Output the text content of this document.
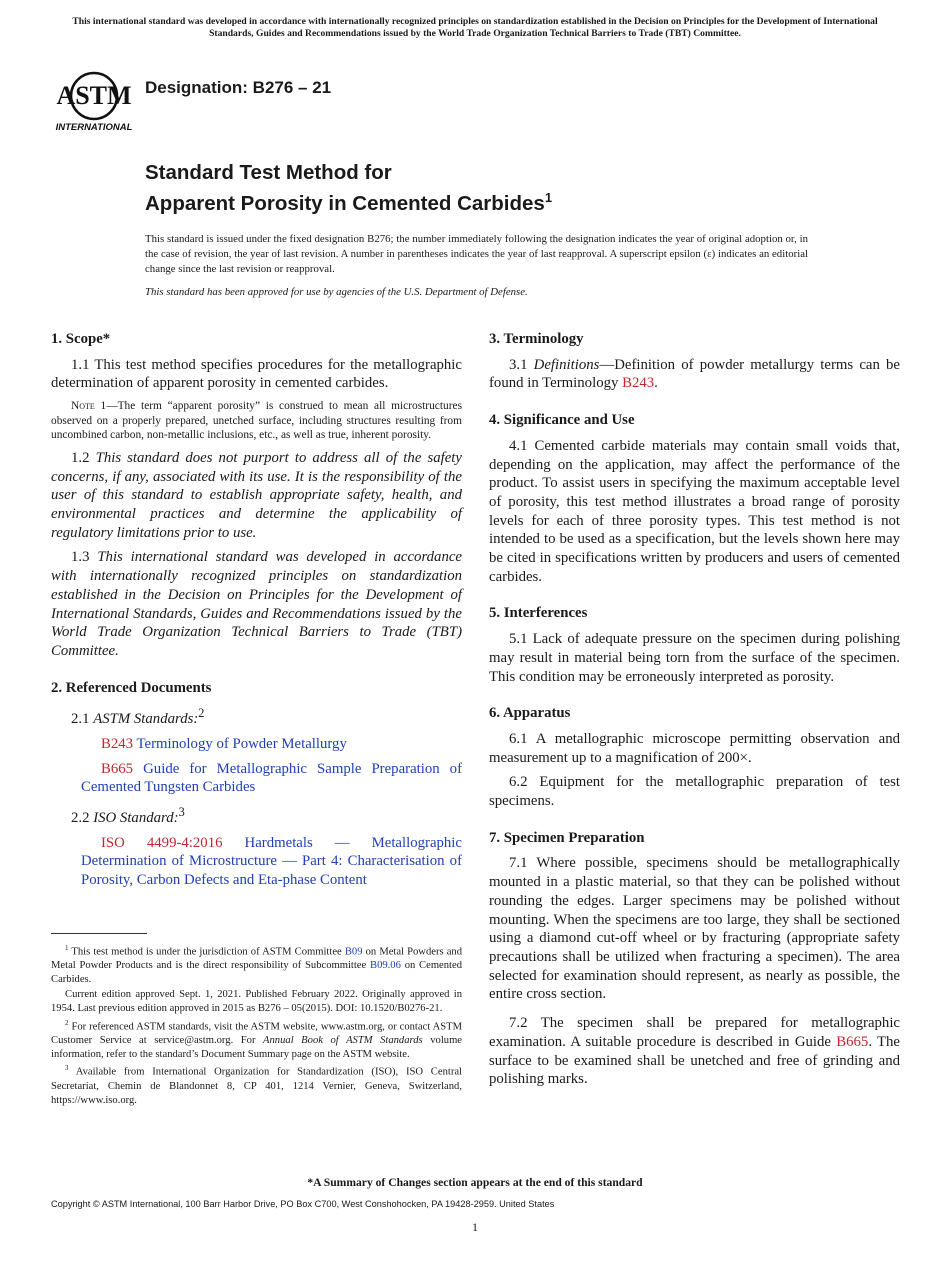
This international standard was developed in accordance with internationally recognized principles on standardization established in the Decision on Principles for the Development of International Standards, Guides and Recommendations issued by the World Trade Organization Technical Barriers to Trade (TBT) Committee.
ASTM
INTERNATIONAL
Designation: B276 – 21
Standard Test Method for
Apparent Porosity in Cemented Carbides$^1$
This standard is issued under the fixed designation B276; the number immediately following the designation indicates the year of original adoption or, in the case of revision, the year of last revision. A number in parentheses indicates the year of last reapproval. A superscript epsilon (ε) indicates an editorial change since the last revision or reapproval.
This standard has been approved for use by agencies of the U.S. Department of Defense.
1. Scope*

1.1 This test method specifies procedures for the metallographic determination of apparent porosity in cemented carbides.

Note 1—The term “apparent porosity” is construed to mean all microstructures observed on a properly prepared, unetched surface, including structures resulting from uncombined carbon, non-metallic inclusions, etc., as well as true, inherent porosity.

1.2 This standard does not purport to address all of the safety concerns, if any, associated with its use. It is the responsibility of the user of this standard to establish appropriate safety, health, and environmental practices and determine the applicability of regulatory limitations prior to use.

1.3 This international standard was developed in accordance with internationally recognized principles on standardization established in the Decision on Principles for the Development of International Standards, Guides and Recommendations issued by the World Trade Organization Technical Barriers to Trade (TBT) Committee.

2. Referenced Documents

2.1 ASTM Standards:$^2$

B243 Terminology of Powder Metallurgy

B665 Guide for Metallographic Sample Preparation of Cemented Tungsten Carbides

2.2 ISO Standard:$^3$

ISO 4499-4:2016 Hardmetals — Metallographic Determination of Microstructure — Part 4: Characterisation of Porosity, Carbon Defects and Eta-phase Content

3. Terminology

3.1 Definitions—Definition of powder metallurgy terms can be found in Terminology B243.

4. Significance and Use

4.1 Cemented carbide materials may contain small voids that, depending on the application, may affect the performance of the product. To assist users in specifying the maximum acceptable level of porosity, this test method illustrates a broad range of porosity levels for each of three porosity types. This test method is not intended to be used as a specification, but the levels shown here may be cited in specifications written by producers and users of cemented carbides.

5. Interferences

5.1 Lack of adequate pressure on the specimen during polishing may result in material being torn from the surface of the specimen. This condition may be erroneously interpreted as porosity.

6. Apparatus

6.1 A metallographic microscope permitting observation and measurement up to a magnification of 200×.

6.2 Equipment for the metallographic preparation of test specimens.

7. Specimen Preparation

7.1 Where possible, specimens should be metallographically mounted in a plastic material, so that they can be polished without rounding the edges. Larger specimens may be polished without mounting. When the specimens are too large, they shall be sectioned using a diamond cut-off wheel or by fracturing (appropriate safety precautions shall be utilized when fracturing a specimen). The area selected for examination should represent, as nearly as possible, the entire cross section.

7.2 The specimen shall be prepared for metallographic examination. A suitable procedure is described in Guide B665. The surface to be examined shall be unetched and free of grinding and polishing marks.

$^1$ This test method is under the jurisdiction of ASTM Committee B09 on Metal Powders and Metal Powder Products and is the direct responsibility of Subcommittee B09.06 on Cemented Carbides.

Current edition approved Sept. 1, 2021. Published February 2022. Originally approved in 1954. Last previous edition approved in 2015 as B276 – 05(2015). DOI: 10.1520/B0276-21.

$^2$ For referenced ASTM standards, visit the ASTM website, www.astm.org, or contact ASTM Customer Service at service@astm.org. For Annual Book of ASTM Standards volume information, refer to the standard’s Document Summary page on the ASTM website.

$^3$ Available from International Organization for Standardization (ISO), ISO Central Secretariat, Chemin de Blandonnet 8, CP 401, 1214 Vernier, Geneva, Switzerland, https://www.iso.org.

*A Summary of Changes section appears at the end of this standard
Copyright © ASTM International, 100 Barr Harbor Drive, PO Box C700, West Conshohocken, PA 19428-2959. United States
1
